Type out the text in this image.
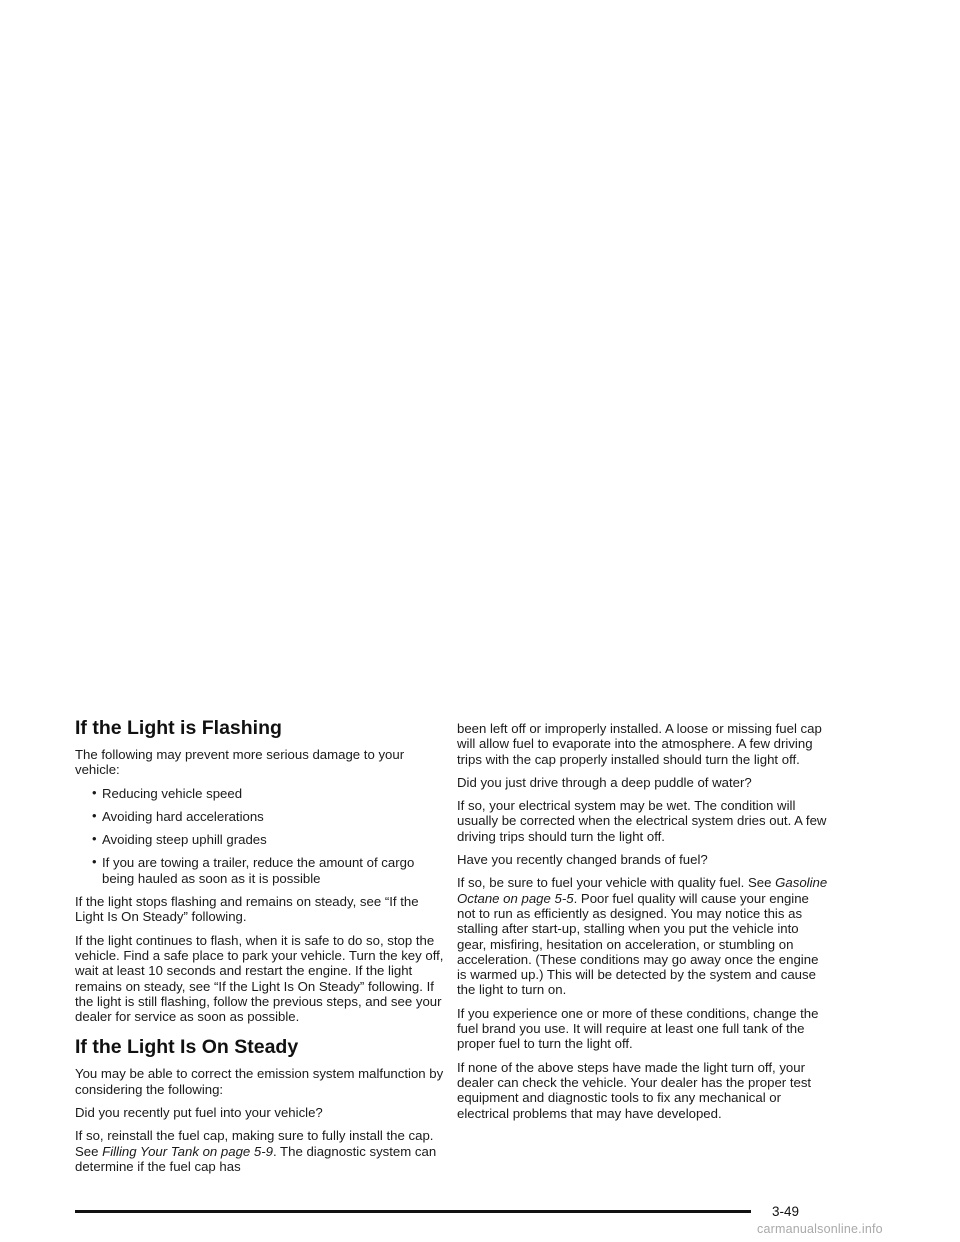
If the Light is Flashing

The following may prevent more serious damage to your vehicle:

• Reducing vehicle speed
• Avoiding hard accelerations
• Avoiding steep uphill grades
• If you are towing a trailer, reduce the amount of cargo being hauled as soon as it is possible

If the light stops flashing and remains on steady, see “If the Light Is On Steady” following.

If the light continues to flash, when it is safe to do so, stop the vehicle. Find a safe place to park your vehicle. Turn the key off, wait at least 10 seconds and restart the engine. If the light remains on steady, see “If the Light Is On Steady” following. If the light is still flashing, follow the previous steps, and see your dealer for service as soon as possible.

If the Light Is On Steady

You may be able to correct the emission system malfunction by considering the following:

Did you recently put fuel into your vehicle?

If so, reinstall the fuel cap, making sure to fully install the cap. See Filling Your Tank on page 5-9. The diagnostic system can determine if the fuel cap has

been left off or improperly installed. A loose or missing fuel cap will allow fuel to evaporate into the atmosphere. A few driving trips with the cap properly installed should turn the light off.

Did you just drive through a deep puddle of water?

If so, your electrical system may be wet. The condition will usually be corrected when the electrical system dries out. A few driving trips should turn the light off.

Have you recently changed brands of fuel?

If so, be sure to fuel your vehicle with quality fuel. See Gasoline Octane on page 5-5. Poor fuel quality will cause your engine not to run as efficiently as designed. You may notice this as stalling after start-up, stalling when you put the vehicle into gear, misfiring, hesitation on acceleration, or stumbling on acceleration. (These conditions may go away once the engine is warmed up.) This will be detected by the system and cause the light to turn on.

If you experience one or more of these conditions, change the fuel brand you use. It will require at least one full tank of the proper fuel to turn the light off.

If none of the above steps have made the light turn off, your dealer can check the vehicle. Your dealer has the proper test equipment and diagnostic tools to fix any mechanical or electrical problems that may have developed.

3-49
carmanualsonline.info
